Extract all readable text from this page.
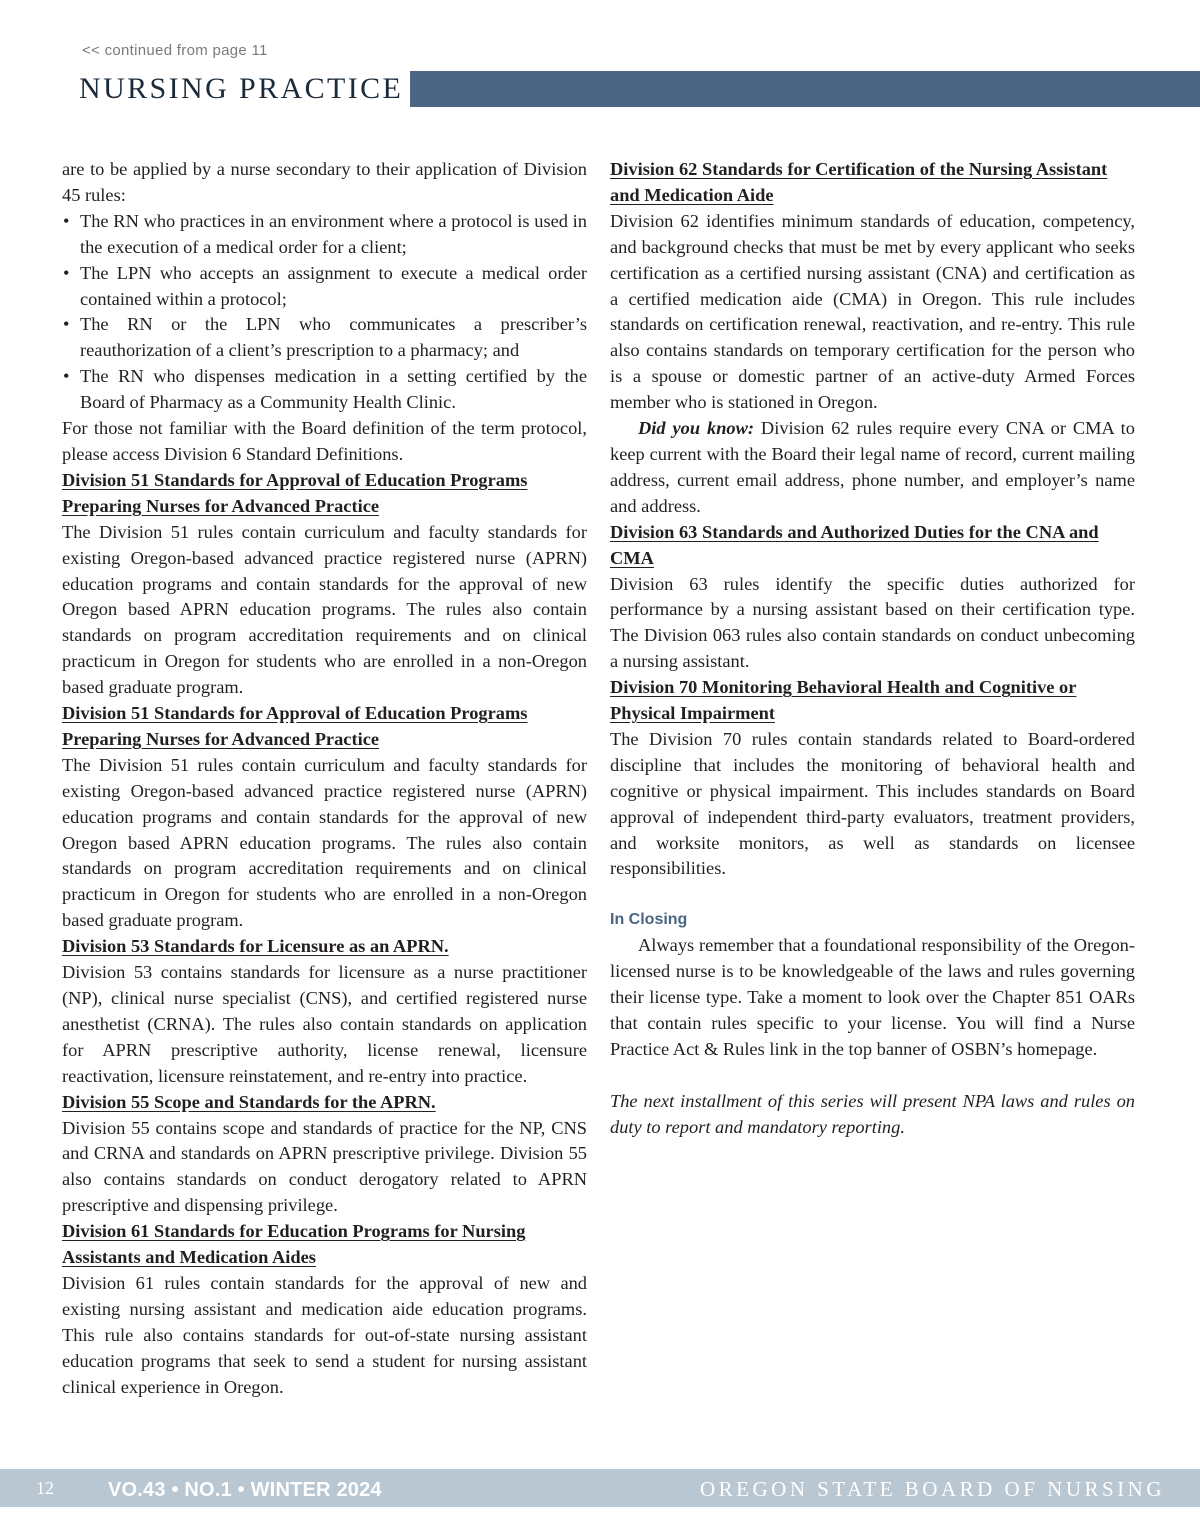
<< continued from page 11
NURSING PRACTICE

are to be applied by a nurse secondary to their application of Division 45 rules:

• The RN who practices in an environment where a protocol is used in the execution of a medical order for a client;
• The LPN who accepts an assignment to execute a medical order contained within a protocol;
• The RN or the LPN who communicates a prescriber’s reauthorization of a client’s prescription to a pharmacy; and
• The RN who dispenses medication in a setting certified by the Board of Pharmacy as a Community Health Clinic.

For those not familiar with the Board definition of the term protocol, please access Division 6 Standard Definitions.

Division 51 Standards for Approval of Education Programs Preparing Nurses for Advanced Practice

The Division 51 rules contain curriculum and faculty standards for existing Oregon-based advanced practice registered nurse (APRN) education programs and contain standards for the approval of new Oregon based APRN education programs. The rules also contain standards on program accreditation requirements and on clinical practicum in Oregon for students who are enrolled in a non-Oregon based graduate program.

Division 51 Standards for Approval of Education Programs Preparing Nurses for Advanced Practice

The Division 51 rules contain curriculum and faculty standards for existing Oregon-based advanced practice registered nurse (APRN) education programs and contain standards for the approval of new Oregon based APRN education programs. The rules also contain standards on program accreditation requirements and on clinical practicum in Oregon for students who are enrolled in a non-Oregon based graduate program.

Division 53 Standards for Licensure as an APRN.

Division 53 contains standards for licensure as a nurse practitioner (NP), clinical nurse specialist (CNS), and certified registered nurse anesthetist (CRNA). The rules also contain standards on application for APRN prescriptive authority, license renewal, licensure reactivation, licensure reinstatement, and re-entry into practice.

Division 55 Scope and Standards for the APRN.

Division 55 contains scope and standards of practice for the NP, CNS and CRNA and standards on APRN prescriptive privilege. Division 55 also contains standards on conduct derogatory related to APRN prescriptive and dispensing privilege.

Division 61 Standards for Education Programs for Nursing Assistants and Medication Aides

Division 61 rules contain standards for the approval of new and existing nursing assistant and medication aide education programs. This rule also contains standards for out-of-state nursing assistant education programs that seek to send a student for nursing assistant clinical experience in Oregon.

Division 62 Standards for Certification of the Nursing Assistant and Medication Aide

Division 62 identifies minimum standards of education, competency, and background checks that must be met by every applicant who seeks certification as a certified nursing assistant (CNA) and certification as a certified medication aide (CMA) in Oregon. This rule includes standards on certification renewal, reactivation, and re-entry. This rule also contains standards on temporary certification for the person who is a spouse or domestic partner of an active-duty Armed Forces member who is stationed in Oregon.

Did you know: Division 62 rules require every CNA or CMA to keep current with the Board their legal name of record, current mailing address, current email address, phone number, and employer’s name and address.

Division 63 Standards and Authorized Duties for the CNA and CMA

Division 63 rules identify the specific duties authorized for performance by a nursing assistant based on their certification type. The Division 063 rules also contain standards on conduct unbecoming a nursing assistant.

Division 70 Monitoring Behavioral Health and Cognitive or Physical Impairment

The Division 70 rules contain standards related to Board-ordered discipline that includes the monitoring of behavioral health and cognitive or physical impairment. This includes standards on Board approval of independent third-party evaluators, treatment providers, and worksite monitors, as well as standards on licensee responsibilities.

In Closing

Always remember that a foundational responsibility of the Oregon-licensed nurse is to be knowledgeable of the laws and rules governing their license type. Take a moment to look over the Chapter 851 OARs that contain rules specific to your license. You will find a Nurse Practice Act & Rules link in the top banner of OSBN’s homepage.

The next installment of this series will present NPA laws and rules on duty to report and mandatory reporting.

12	VO.43 • NO.1 • WINTER 2024	OREGON STATE BOARD OF NURSING
